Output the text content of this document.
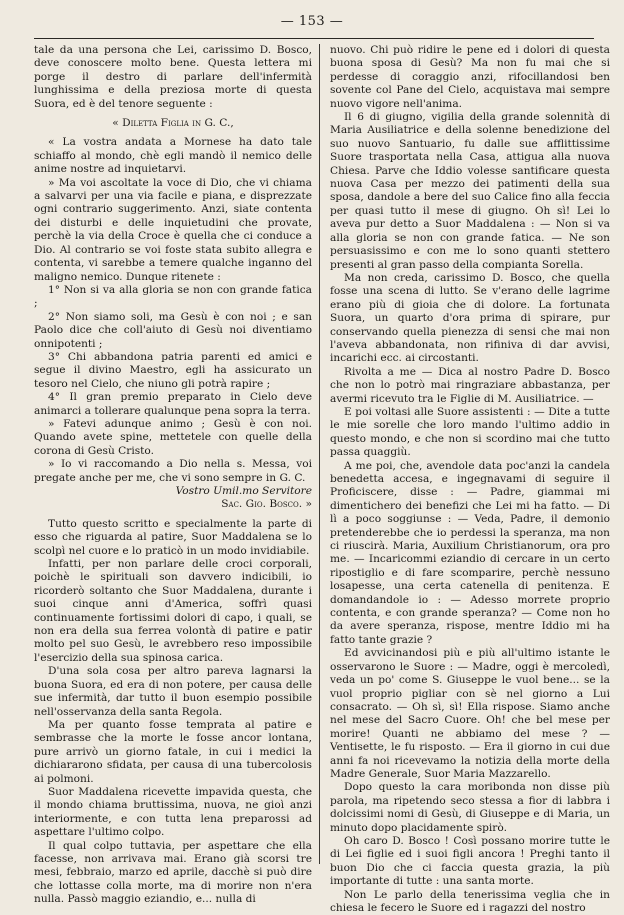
— 153 —

tale da una persona che Lei, carissimo D. Bosco, deve conoscere molto bene. Questa lettera mi porge il destro di parlare dell'infermità lunghissima e della preziosa morte di questa Suora, ed è del tenore seguente :

« Diletta Figlia in G. C.,

« La vostra andata a Mornese ha dato tale schiaffo al mondo, chè egli mandò il nemico delle anime nostre ad inquietarvi.

» Ma voi ascoltate la voce di Dio, che vi chiama a salvarvi per una via facile e piana, e disprezzate ogni contrario suggerimento. Anzi, siate contenta dei disturbi e delle inquietudini che provate, perchè la via della Croce è quella che ci conduce a Dio. Al contrario se voi foste stata subito allegra e contenta, vi sarebbe a temere qualche inganno del maligno nemico. Dunque ritenete :

1° Non si va alla gloria se non con grande fatica ;

2° Non siamo soli, ma Gesù è con noi ; e san Paolo dice che coll'aiuto di Gesù noi diventiamo onnipotenti ;

3° Chi abbandona patria parenti ed amici e segue il divino Maestro, egli ha assicurato un tesoro nel Cielo, che niuno gli potrà rapire ;

4° Il gran premio preparato in Cielo deve animarci a tollerare qualunque pena sopra la terra.

» Fatevi adunque animo ; Gesù è con noi. Quando avete spine, mettetele con quelle della corona di Gesù Cristo.

» Io vi raccomando a Dio nella s. Messa, voi pregate anche per me, che vi sono sempre in G. C.

Vostro Umil.mo Servitore

Sac. Gio. Bosco. »

Tutto questo scritto e specialmente la parte di esso che riguarda al patire, Suor Maddalena se lo scolpì nel cuore e lo praticò in un modo invidiabile.

Infatti, per non parlare delle croci corporali, poichè le spirituali son davvero indicibili, io ricorderò soltanto che Suor Maddalena, durante i suoi cinque anni d'America, soffrì quasi continuamente fortissimi dolori di capo, i quali, se non era della sua ferrea volontà di patire e patir molto pel suo Gesù, le avrebbero reso impossibile l'esercizio della sua spinosa carica.

D'una sola cosa per altro pareva lagnarsi la buona Suora, ed era di non potere, per causa delle sue infermità, dar tutto il buon esempio possibile nell'osservanza della santa Regola.

Ma per quanto fosse temprata al patire e sembrasse che la morte le fosse ancor lontana, pure arrivò un giorno fatale, in cui i medici la dichiararono sfidata, per causa di una tubercolosis ai polmoni.

Suor Maddalena ricevette impavida questa, che il mondo chiama bruttissima, nuova, ne gioì anzi interiormente, e con tutta lena preparossi ad aspettare l'ultimo colpo.

Il qual colpo tuttavia, per aspettare che ella facesse, non arrivava mai. Erano già scorsi tre mesi, febbraio, marzo ed aprile, dacchè si può dire che lottasse colla morte, ma di morire non n'era nulla. Passò maggio eziandio, e... nulla di

nuovo. Chi può ridire le pene ed i dolori di questa buona sposa di Gesù? Ma non fu mai che si perdesse di coraggio anzi, rifocillandosi ben sovente col Pane del Cielo, acquistava mai sempre nuovo vigore nell'anima.

Il 6 di giugno, vigilia della grande solennità di Maria Ausiliatrice e della solenne benedizione del suo nuovo Santuario, fu dalle sue afflittissime Suore trasportata nella Casa, attigua alla nuova Chiesa. Parve che Iddio volesse santificare questa nuova Casa per mezzo dei patimenti della sua sposa, dandole a bere del suo Calice fino alla feccia per quasi tutto il mese di giugno. Oh sì! Lei lo aveva pur detto a Suor Maddalena : — Non si va alla gloria se non con grande fatica. — Ne son persuasissimo e con me lo sono quanti stettero presenti al gran passo della compianta Sorella.

Ma non creda, carissimo D. Bosco, che quella fosse una scena di lutto. Se v'erano delle lagrime erano più di gioia che di dolore. La fortunata Suora, un quarto d'ora prima di spirare, pur conservando quella pienezza di sensi che mai non l'aveva abbandonata, non rifiniva di dar avvisi, incarichi ecc. ai circostanti.

Rivolta a me — Dica al nostro Padre D. Bosco che non lo potrò mai ringraziare abbastanza, per avermi ricevuto tra le Figlie di M. Ausiliatrice. —

E poi voltasi alle Suore assistenti : — Dite a tutte le mie sorelle che loro mando l'ultimo addio in questo mondo, e che non si scordino mai che tutto passa quaggiù.

A me poi, che, avendole data poc'anzi la candela benedetta accesa, e ingegnavami di seguire il Proficiscere, disse : — Padre, giammai mi dimentichero dei benefizi che Lei mi ha fatto. — Di lì a poco soggiunse : — Veda, Padre, il demonio pretenderebbe che io perdessi la speranza, ma non ci riuscirà. Maria, Auxilium Christianorum, ora pro me. — Incaricommi eziandio di cercare in un certo ripostiglio e di fare scomparire, perchè nessuno losapesse, una certa catenella di penitenza. E domandandole io : — Adesso morrete proprio contenta, e con grande speranza? — Come non ho da avere speranza, rispose, mentre Iddio mi ha fatto tante grazie ?

Ed avvicinandosi più e più all'ultimo istante le osservarono le Suore : — Madre, oggi è mercoledì, veda un po' come S. Giuseppe le vuol bene... se la vuol proprio pigliar con sè nel giorno a Lui consacrato. — Oh sì, sì! Ella rispose. Siamo anche nel mese del Sacro Cuore. Oh! che bel mese per morire! Quanti ne abbiamo del mese ? — Ventisette, le fu risposto. — Era il giorno in cui due anni fa noi ricevevamo la notizia della morte della Madre Generale, Suor Maria Mazzarello.

Dopo questo la cara moribonda non disse più parola, ma ripetendo seco stessa a fior di labbra i dolcissimi nomi di Gesù, di Giuseppe e di Maria, un minuto dopo placidamente spirò.

Oh caro D. Bosco ! Così possano morire tutte le di Lei figlie ed i suoi figli ancora ! Preghi tanto il buon Dio che ci faccia questa grazia, la più importante di tutte : una santa morte.

Non Le parlo della tenerissima veglia che in chiesa le fecero le Suore ed i ragazzi del nostro
